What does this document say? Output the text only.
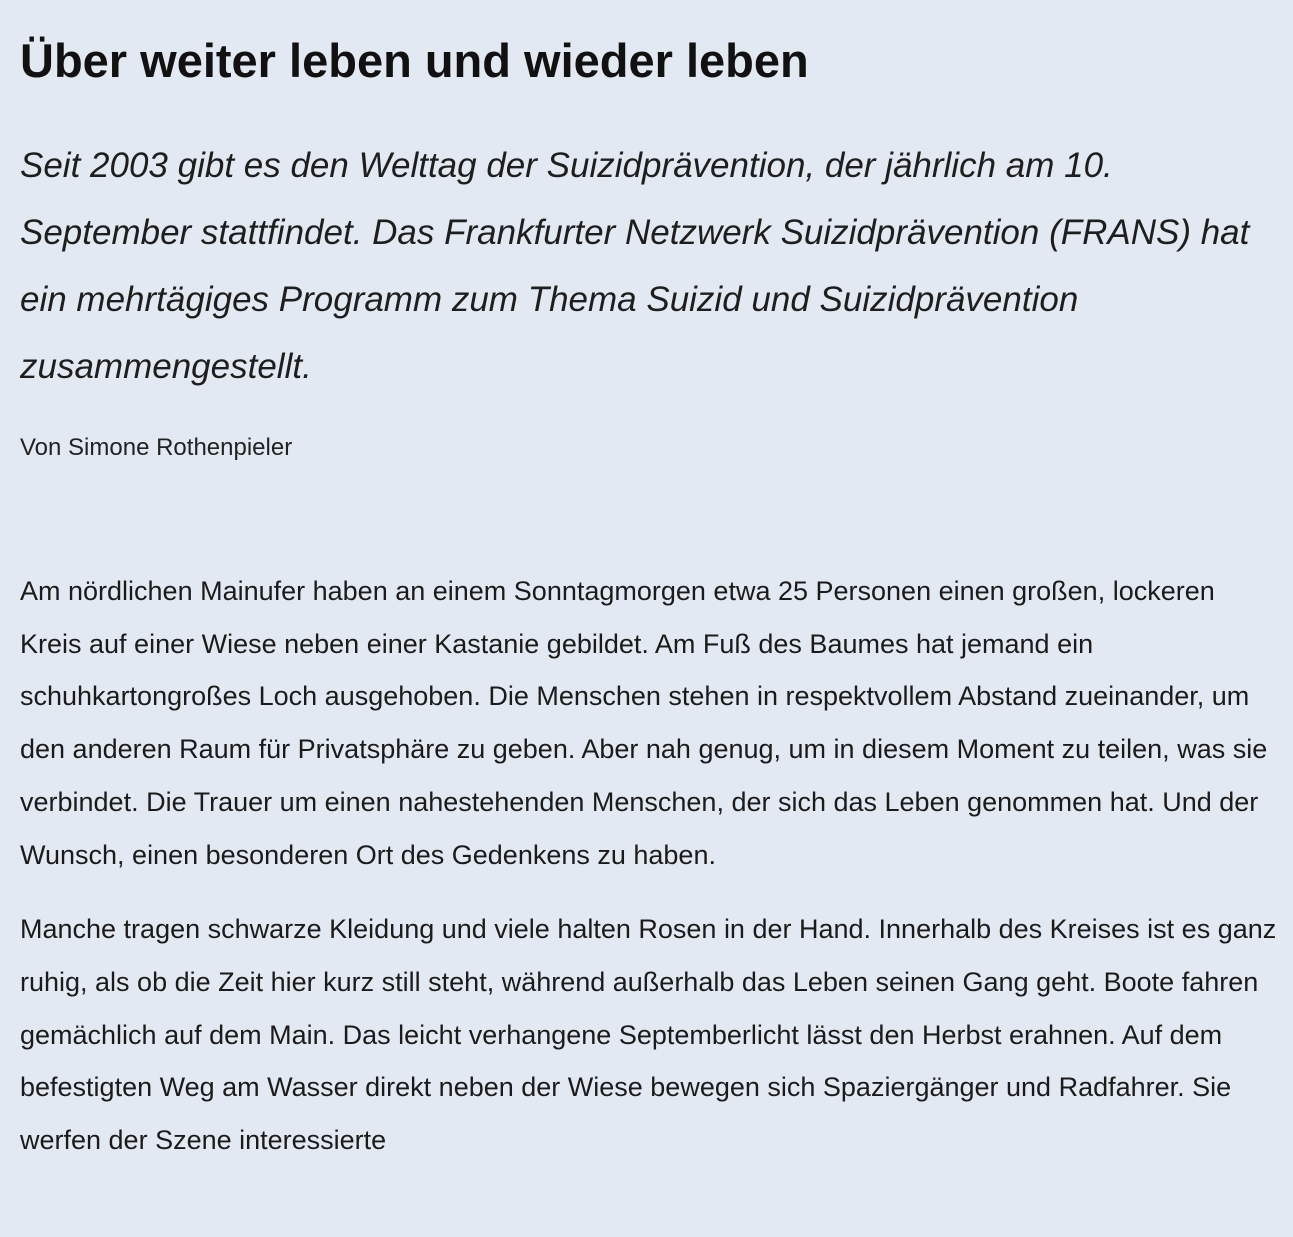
Über weiter leben und wieder leben

Seit 2003 gibt es den Welttag der Suizidprävention, der jährlich am 10. September stattfindet. Das Frankfurter Netzwerk Suizidprävention (FRANS) hat ein mehrtägiges Programm zum Thema Suizid und Suizidprävention zusammengestellt.

Von Simone Rothenpieler

Am nördlichen Mainufer haben an einem Sonntagmorgen etwa 25 Personen einen großen, lockeren Kreis auf einer Wiese neben einer Kastanie gebildet. Am Fuß des Baumes hat jemand ein schuhkartongroßes Loch ausgehoben. Die Menschen stehen in respektvollem Abstand zueinander, um den anderen Raum für Privatsphäre zu geben. Aber nah genug, um in diesem Moment zu teilen, was sie verbindet. Die Trauer um einen nahestehenden Menschen, der sich das Leben genommen hat. Und der Wunsch, einen besonderen Ort des Gedenkens zu haben.

Manche tragen schwarze Kleidung und viele halten Rosen in der Hand. Innerhalb des Kreises ist es ganz ruhig, als ob die Zeit hier kurz still steht, während außerhalb das Leben seinen Gang geht. Boote fahren gemächlich auf dem Main. Das leicht verhangene Septemberlicht lässt den Herbst erahnen. Auf dem befestigten Weg am Wasser direkt neben der Wiese bewegen sich Spaziergänger und Radfahrer. Sie werfen der Szene interessierte
